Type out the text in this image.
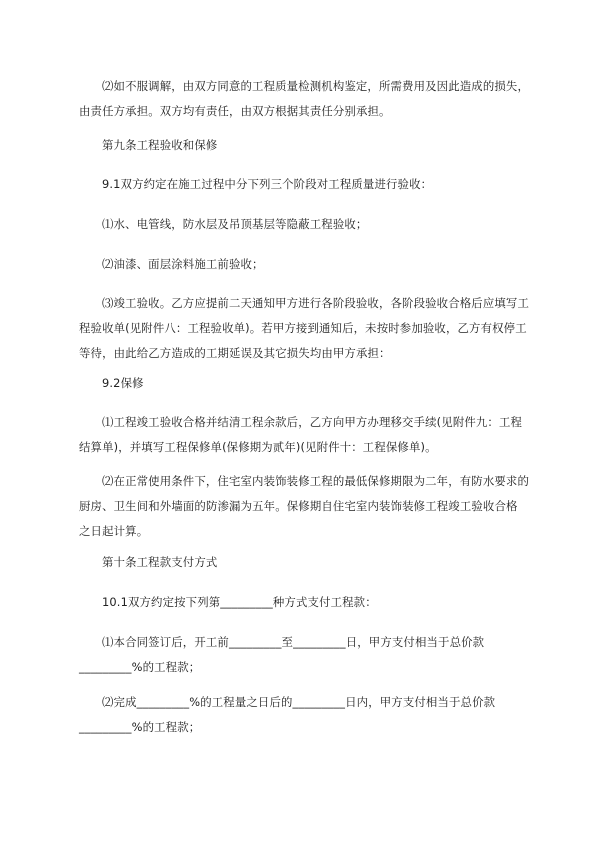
⑵如不服调解，由双方同意的工程质量检测机构鉴定，所需费用及因此造成的损失，由责任方承担。双方均有责任，由双方根据其责任分别承担。

第九条工程验收和保修

9.1双方约定在施工过程中分下列三个阶段对工程质量进行验收：

⑴水、电管线，防水层及吊顶基层等隐蔽工程验收；

⑵油漆、面层涂料施工前验收；

⑶竣工验收。乙方应提前二天通知甲方进行各阶段验收，各阶段验收合格后应填写工程验收单(见附件八：工程验收单)。若甲方接到通知后，未按时参加验收，乙方有权停工等待，由此给乙方造成的工期延误及其它损失均由甲方承担：

9.2保修

⑴工程竣工验收合格并结清工程余款后，乙方向甲方办理移交手续(见附件九：工程结算单)，并填写工程保修单(保修期为贰年)(见附件十：工程保修单)。

⑵在正常使用条件下，住宅室内装饰装修工程的最低保修期限为二年，有防水要求的厨房、卫生间和外墙面的防渗漏为五年。保修期自住宅室内装饰装修工程竣工验收合格之日起计算。

第十条工程款支付方式

10.1双方约定按下列第_________种方式支付工程款：

⑴本合同签订后，开工前_________至_________日，甲方支付相当于总价款_________%的工程款；

⑵完成_________%的工程量之日后的_________日内，甲方支付相当于总价款_________%的工程款；
